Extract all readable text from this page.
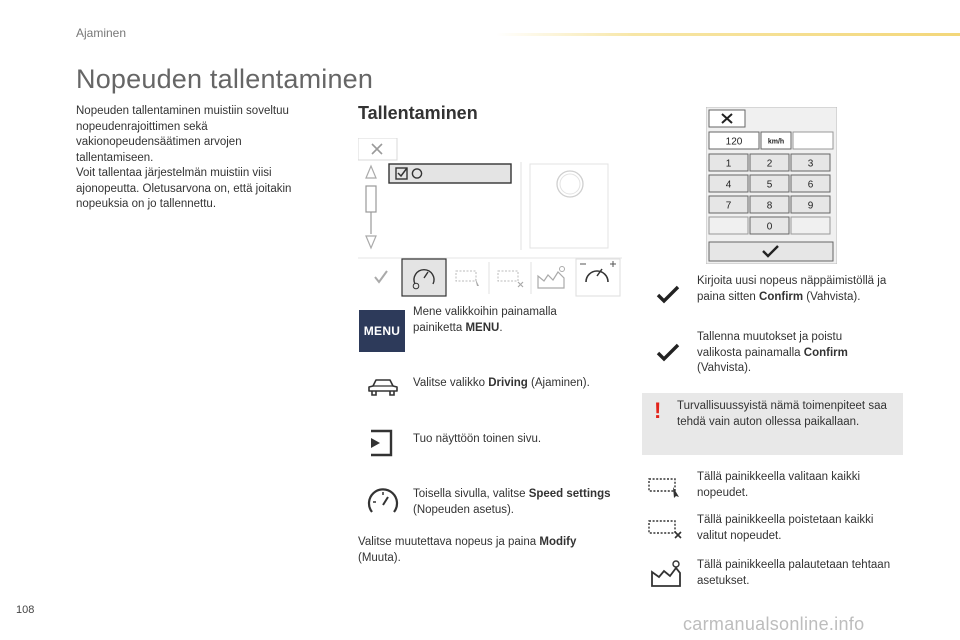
Ajaminen
Nopeuden tallentaminen
Nopeuden tallentaminen muistiin soveltuu nopeudenrajoittimen sekä vakionopeudensäätimen arvojen tallentamiseen.
Voit tallentaa järjestelmän muistiin viisi ajonopeutta. Oletusarvona on, että joitakin nopeuksia on jo tallennettu.
Tallentaminen
MENU
Mene valikkoihin painamalla painiketta MENU.
Valitse valikko Driving (Ajaminen).
Tuo näyttöön toinen sivu.
Toisella sivulla, valitse Speed settings (Nopeuden asetus).
Valitse muutettava nopeus ja paina Modify (Muuta).
120	km/h
1	2	3
4	5	6
7	8	9
0
Kirjoita uusi nopeus näppäimistöllä ja paina sitten Confirm (Vahvista).
Tallenna muutokset ja poistu valikosta painamalla Confirm (Vahvista).
! Turvallisuussyistä nämä toimenpiteet saa tehdä vain auton ollessa paikallaan.
Tällä painikkeella valitaan kaikki nopeudet.
Tällä painikkeella poistetaan kaikki valitut nopeudet.
Tällä painikkeella palautetaan tehtaan asetukset.
108
carmanualsonline.info
